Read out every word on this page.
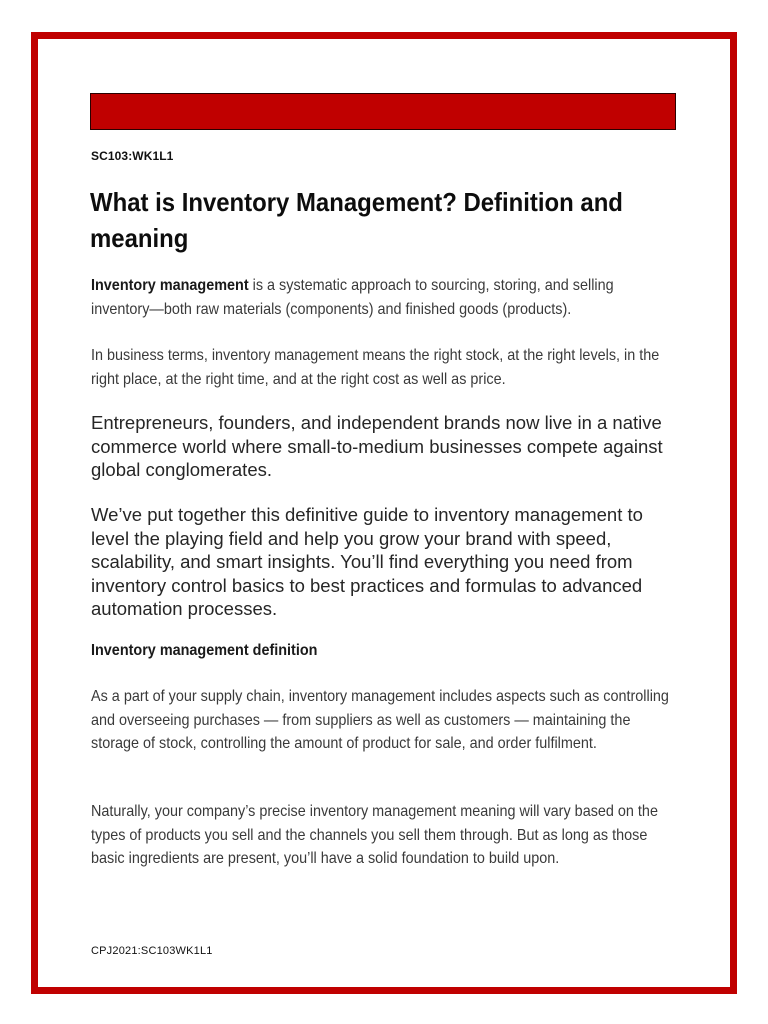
SC103:WK1L1
What is Inventory Management? Definition and meaning

Inventory management is a systematic approach to sourcing, storing, and selling inventory—both raw materials (components) and finished goods (products).

In business terms, inventory management means the right stock, at the right levels, in the right place, at the right time, and at the right cost as well as price.

Entrepreneurs, founders, and independent brands now live in a native commerce world where small-to-medium businesses compete against global conglomerates.

We’ve put together this definitive guide to inventory management to level the playing field and help you grow your brand with speed, scalability, and smart insights. You’ll find everything you need from inventory control basics to best practices and formulas to advanced automation processes.

Inventory management definition

As a part of your supply chain, inventory management includes aspects such as controlling and overseeing purchases — from suppliers as well as customers — maintaining the storage of stock, controlling the amount of product for sale, and order fulfilment.

Naturally, your company’s precise inventory management meaning will vary based on the types of products you sell and the channels you sell them through. But as long as those basic ingredients are present, you’ll have a solid foundation to build upon.

CPJ2021:SC103WK1L1
